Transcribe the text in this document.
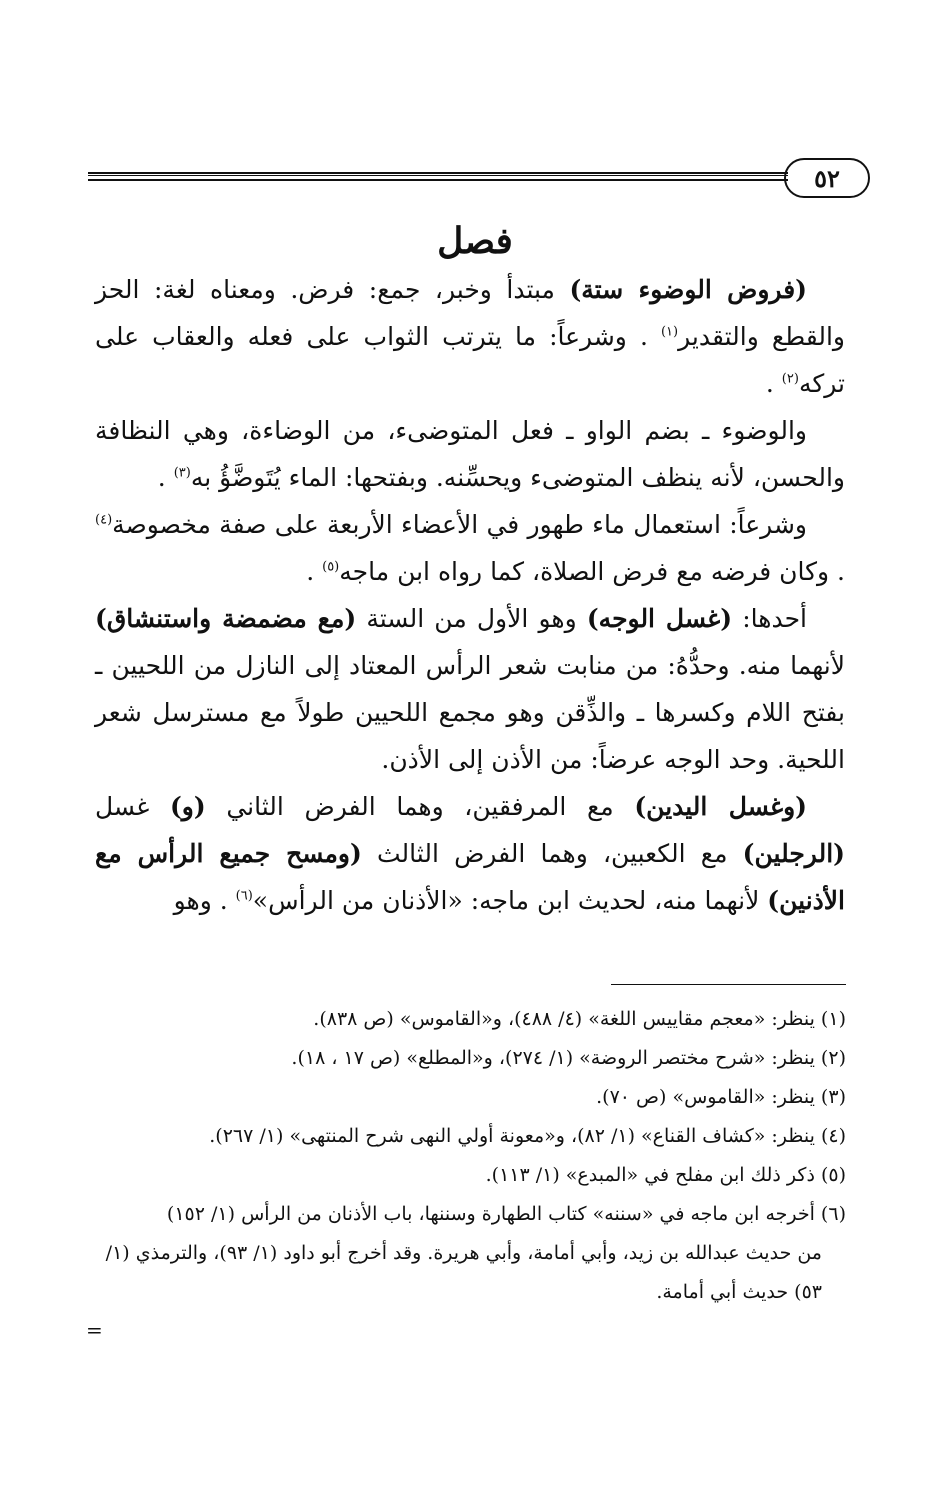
٥٢
فصل

(فروض الوضوء ستة) مبتدأ وخبر، جمع: فرض. ومعناه لغة: الحز والقطع والتقدير$^{(١)}$ . وشرعاً: ما يترتب الثواب على فعله والعقاب على تركه$^{(٢)}$ .

والوضوء ـ بضم الواو ـ فعل المتوضىء، من الوضاءة، وهي النظافة والحسن، لأنه ينظف المتوضىء ويحسِّنه. وبفتحها: الماء يُتَوضَّؤُ به$^{(٣)}$ .

وشرعاً: استعمال ماء طهور في الأعضاء الأربعة على صفة مخصوصة$^{(٤)}$ . وكان فرضه مع فرض الصلاة، كما رواه ابن ماجه$^{(٥)}$ .

أحدها: (غسل الوجه) وهو الأول من الستة (مع مضمضة واستنشاق) لأنهما منه. وحدُّهُ: من منابت شعر الرأس المعتاد إلى النازل من اللحيين ـ بفتح اللام وكسرها ـ والذِّقن وهو مجمع اللحيين طولاً مع مسترسل شعر اللحية. وحد الوجه عرضاً: من الأذن إلى الأذن.

(وغسل اليدين) مع المرفقين، وهما الفرض الثاني (و) غسل (الرجلين) مع الكعبين، وهما الفرض الثالث (ومسح جميع الرأس مع الأذنين) لأنهما منه، لحديث ابن ماجه: «الأذنان من الرأس»$^{(٦)}$ . وهو

(١) ينظر: «معجم مقاييس اللغة» (٤/ ٤٨٨)، و«القاموس» (ص ٨٣٨).

(٢) ينظر: «شرح مختصر الروضة» (١/ ٢٧٤)، و«المطلع» (ص ١٧ ، ١٨).

(٣) ينظر: «القاموس» (ص ٧٠).

(٤) ينظر: «كشاف القناع» (١/ ٨٢)، و«معونة أولي النهى شرح المنتهى» (١/ ٢٦٧).

(٥) ذكر ذلك ابن مفلح في «المبدع» (١/ ١١٣).

(٦) أخرجه ابن ماجه في «سننه» كتاب الطهارة وسننها، باب الأذنان من الرأس (١/ ١٥٢)

من حديث عبدالله بن زيد، وأبي أمامة، وأبي هريرة. وقد أخرج أبو داود (١/ ٩٣)، والترمذي (١/ ٥٣) حديث أبي أمامة.

=
